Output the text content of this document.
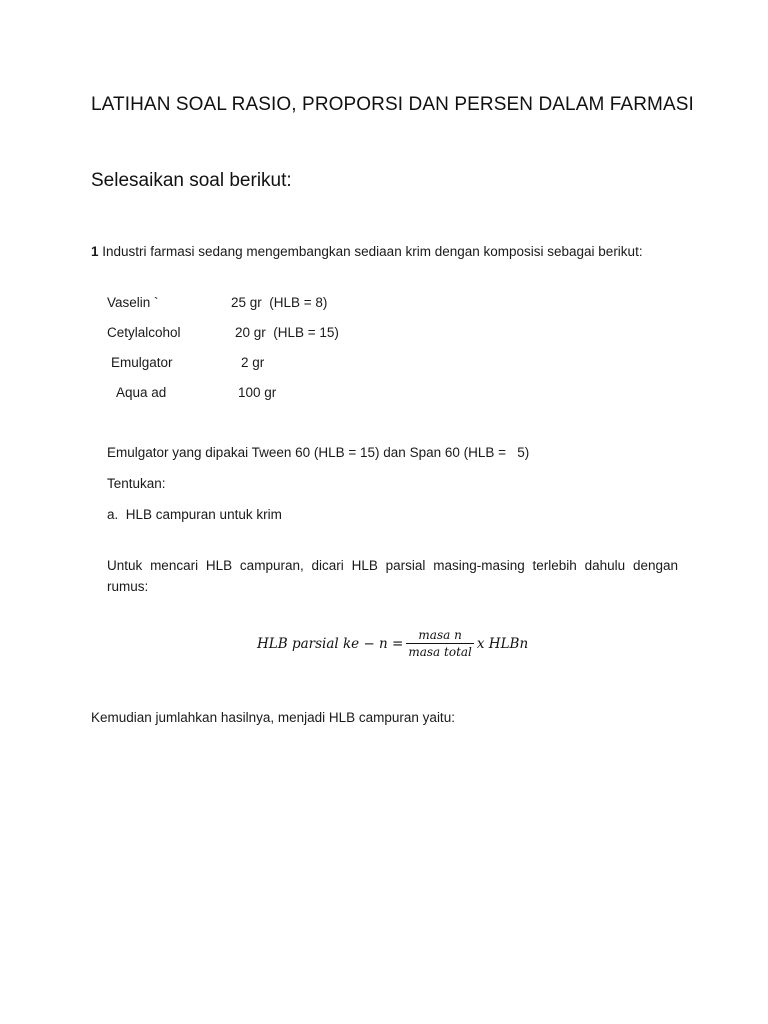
LATIHAN SOAL RASIO, PROPORSI DAN PERSEN DALAM FARMASI
Selesaikan soal berikut:
1 Industri farmasi sedang mengembangkan sediaan krim dengan komposisi sebagai berikut:
Vaselin `	25 gr  (HLB = 8)
Cetylalcohol	20 gr  (HLB = 15)
Emulgator	2 gr
Aqua ad	100 gr
Emulgator yang dipakai Tween 60 (HLB = 15) dan Span 60 (HLB =   5)
Tentukan:
a.  HLB campuran untuk krim
Untuk mencari HLB campuran, dicari HLB parsial masing-masing terlebih dahulu dengan rumus:
HLB parsial ke − $n = \frac{\text{masa n}}{\text{masa total}}$ x HLBn
Kemudian jumlahkan hasilnya, menjadi HLB campuran yaitu:
